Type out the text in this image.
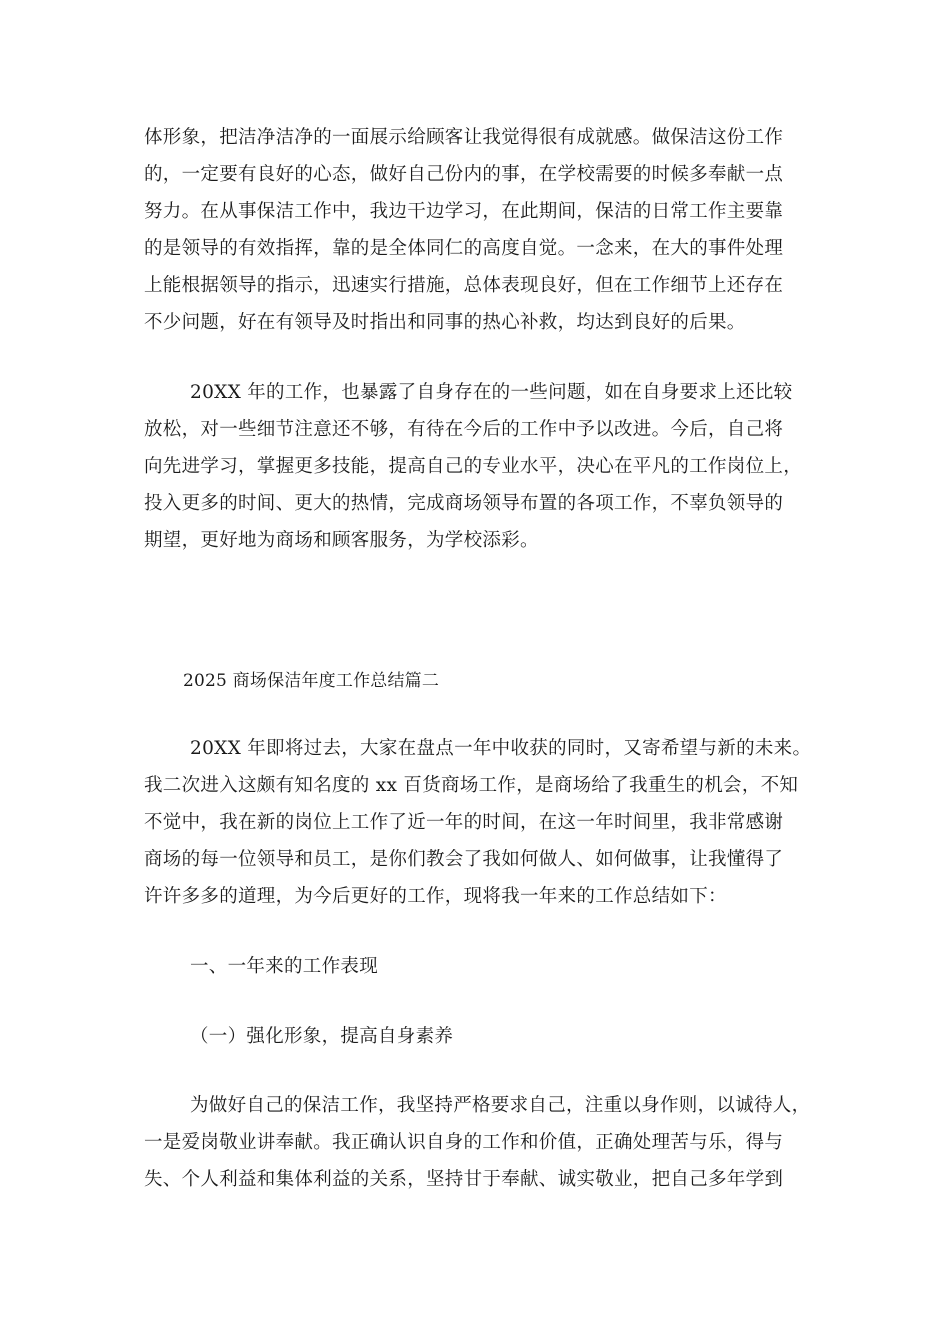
体形象，把洁净洁净的一面展示给顾客让我觉得很有成就感。做保洁这份工作
的，一定要有良好的心态，做好自己份内的事，在学校需要的时候多奉献一点
努力。在从事保洁工作中，我边干边学习，在此期间，保洁的日常工作主要靠
的是领导的有效指挥，靠的是全体同仁的高度自觉。一念来，在大的事件处理
上能根据领导的指示，迅速实行措施，总体表现良好，但在工作细节上还存在
不少问题，好在有领导及时指出和同事的热心补救，均达到良好的后果。
20XX 年的工作，也暴露了自身存在的一些问题，如在自身要求上还比较
放松，对一些细节注意还不够，有待在今后的工作中予以改进。今后，自己将
向先进学习，掌握更多技能，提高自己的专业水平，决心在平凡的工作岗位上，
投入更多的时间、更大的热情，完成商场领导布置的各项工作，不辜负领导的
期望，更好地为商场和顾客服务，为学校添彩。
2025 商场保洁年度工作总结篇二
20XX 年即将过去，大家在盘点一年中收获的同时，又寄希望与新的未来。
我二次进入这颇有知名度的 xx 百货商场工作，是商场给了我重生的机会，不知
不觉中，我在新的岗位上工作了近一年的时间，在这一年时间里，我非常感谢
商场的每一位领导和员工，是你们教会了我如何做人、如何做事，让我懂得了
许许多多的道理，为今后更好的工作，现将我一年来的工作总结如下：
一、一年来的工作表现
（一）强化形象，提高自身素养
为做好自己的保洁工作，我坚持严格要求自己，注重以身作则，以诚待人，
一是爱岗敬业讲奉献。我正确认识自身的工作和价值，正确处理苦与乐，得与
失、个人利益和集体利益的关系，坚持甘于奉献、诚实敬业，把自己多年学到
